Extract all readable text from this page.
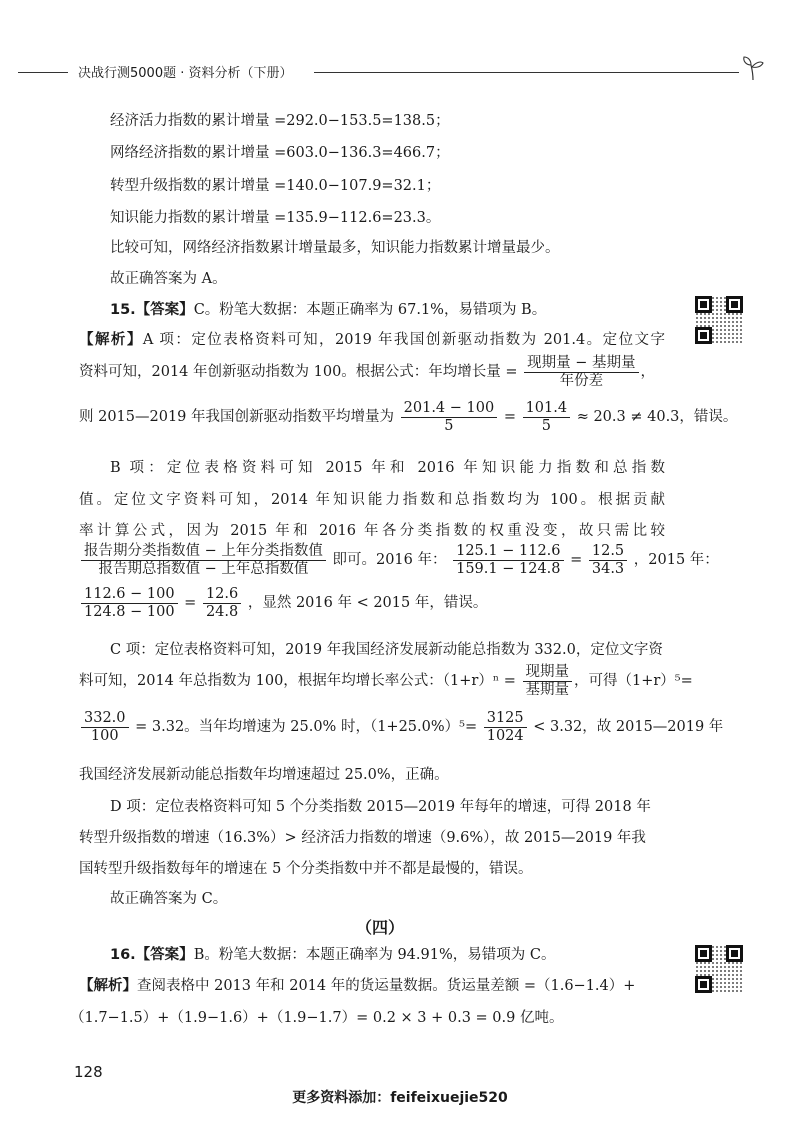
决战行测5000题 · 资料分析（下册）
经济活力指数的累计增量 =292.0−153.5=138.5；
网络经济指数的累计增量 =603.0−136.3=466.7；
转型升级指数的累计增量 =140.0−107.9=32.1；
知识能力指数的累计增量 =135.9−112.6=23.3。
比较可知，网络经济指数累计增量最多，知识能力指数累计增量最少。
故正确答案为 A。
15.【答案】C。粉笔大数据：本题正确率为 67.1%，易错项为 B。
【解析】A 项：定位表格资料可知，2019 年我国创新驱动指数为 201.4。定位文字
资料可知，2014 年创新驱动指数为 100。根据公式：年均增长量 = $\frac{\text{现期量 − 基期量}}{\text{年份差}}$ ，
则 2015—2019 年我国创新驱动指数平均增量为 $\frac{201.4 - 100}{5} = \frac{101.4}{5} \approx 20.3 \ne 40.3$，错误。
B 项：定位表格资料可知 2015 年和 2016 年知识能力指数和总指数
值。定位文字资料可知，2014 年知识能力指数和总指数均为 100。根据贡献
率计算公式，因为 2015 年和 2016 年各分类指数的权重没变，故只需比较
$\frac{\text{报告期分类指数值 − 上年分类指数值}}{\text{报告期总指数值 − 上年总指数值}}$ 即可。2016 年： $\frac{125.1 - 112.6}{159.1 - 124.8} = \frac{12.5}{34.3}$ ，2015 年：
$\frac{112.6 - 100}{124.8 - 100} = \frac{12.6}{24.8}$ ，显然 2016 年 < 2015 年，错误。
C 项：定位表格资料可知，2019 年我国经济发展新动能总指数为 332.0，定位文字资
料可知，2014 年总指数为 100，根据年均增长率公式：$(1+r)^n = \frac{\text{现期量}}{\text{基期量}}$ ，可得（1+r）⁵=
$\frac{332.0}{100} = 3.32$。当年均增速为 25.0% 时，$(1+25.0\%)^5= \frac{3125}{1024} < 3.32$，故 2015—2019 年
我国经济发展新动能总指数年均增速超过 25.0%，正确。
D 项：定位表格资料可知 5 个分类指数 2015—2019 年每年的增速，可得 2018 年
转型升级指数的增速（16.3%）> 经济活力指数的增速（9.6%），故 2015—2019 年我
国转型升级指数每年的增速在 5 个分类指数中并不都是最慢的，错误。
故正确答案为 C。
（四）
16.【答案】B。粉笔大数据：本题正确率为 94.91%，易错项为 C。
【解析】查阅表格中 2013 年和 2014 年的货运量数据。货运量差额 =（1.6−1.4）+
（1.7−1.5）+（1.9−1.6）+（1.9−1.7）= 0.2 × 3 + 0.3 = 0.9 亿吨。
128
更多资料添加：feifeixuejie520
